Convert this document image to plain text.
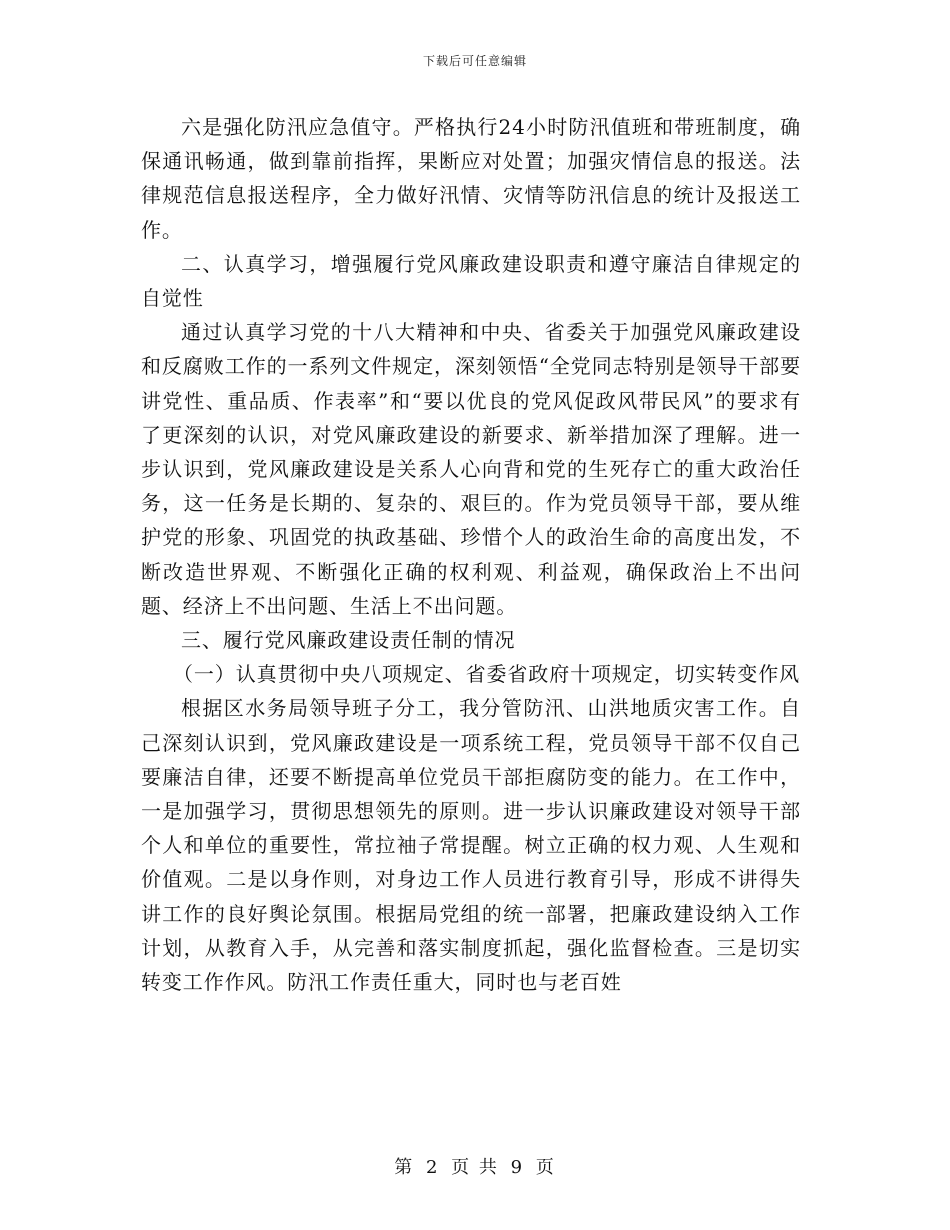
下载后可任意编辑

六是强化防汛应急值守。严格执行24小时防汛值班和带班制度，确保通讯畅通，做到靠前指挥，果断应对处置；加强灾情信息的报送。法律规范信息报送程序，全力做好汛情、灾情等防汛信息的统计及报送工作。

二、认真学习，增强履行党风廉政建设职责和遵守廉洁自律规定的自觉性

通过认真学习党的十八大精神和中央、省委关于加强党风廉政建设和反腐败工作的一系列文件规定，深刻领悟“全党同志特别是领导干部要讲党性、重品质、作表率”和“要以优良的党风促政风带民风”的要求有了更深刻的认识，对党风廉政建设的新要求、新举措加深了理解。进一步认识到，党风廉政建设是关系人心向背和党的生死存亡的重大政治任务，这一任务是长期的、复杂的、艰巨的。作为党员领导干部，要从维护党的形象、巩固党的执政基础、珍惜个人的政治生命的高度出发，不断改造世界观、不断强化正确的权利观、利益观，确保政治上不出问题、经济上不出问题、生活上不出问题。

三、履行党风廉政建设责任制的情况

（一）认真贯彻中央八项规定、省委省政府十项规定，切实转变作风

根据区水务局领导班子分工，我分管防汛、山洪地质灾害工作。自己深刻认识到，党风廉政建设是一项系统工程，党员领导干部不仅自己要廉洁自律，还要不断提高单位党员干部拒腐防变的能力。在工作中，一是加强学习，贯彻思想领先的原则。进一步认识廉政建设对领导干部个人和单位的重要性，常拉袖子常提醒。树立正确的权力观、人生观和价值观。二是以身作则，对身边工作人员进行教育引导，形成不讲得失讲工作的良好舆论氛围。根据局党组的统一部署，把廉政建设纳入工作计划，从教育入手，从完善和落实制度抓起，强化监督检查。三是切实转变工作作风。防汛工作责任重大，同时也与老百姓

第 2 页 共 9 页
